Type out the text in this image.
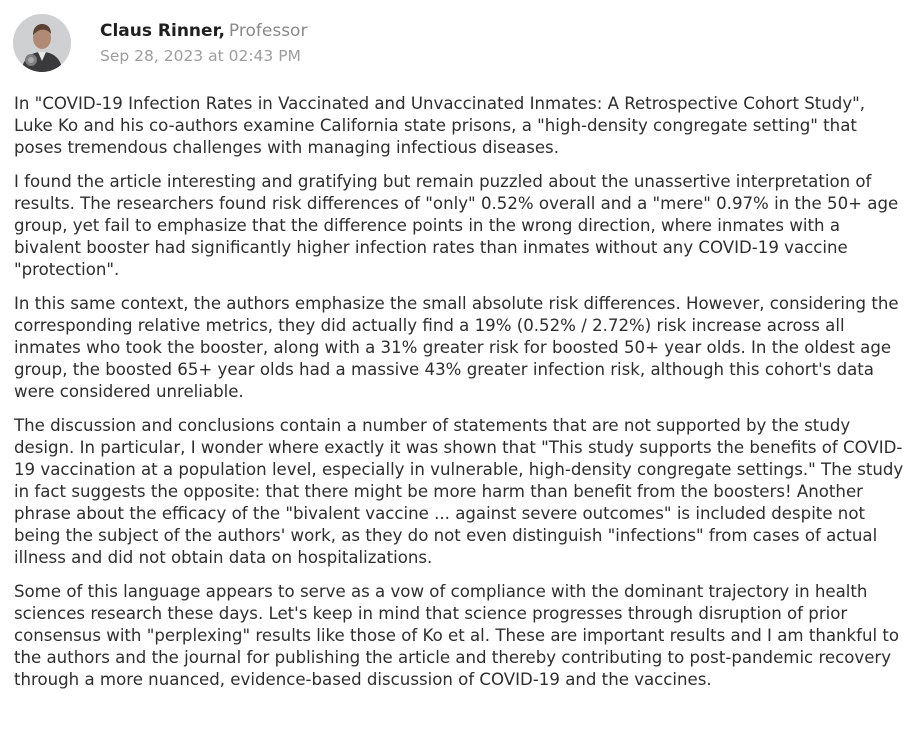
Claus Rinner, Professor
Sep 28, 2023 at 02:43 PM

In "COVID-19 Infection Rates in Vaccinated and Unvaccinated Inmates: A Retrospective Cohort Study", Luke Ko and his co-authors examine California state prisons, a "high-density congregate setting" that poses tremendous challenges with managing infectious diseases.

I found the article interesting and gratifying but remain puzzled about the unassertive interpretation of results. The researchers found risk differences of "only" 0.52% overall and a "mere" 0.97% in the 50+ age group, yet fail to emphasize that the difference points in the wrong direction, where inmates with a bivalent booster had significantly higher infection rates than inmates without any COVID-19 vaccine "protection".

In this same context, the authors emphasize the small absolute risk differences. However, considering the corresponding relative metrics, they did actually find a 19% (0.52% / 2.72%) risk increase across all inmates who took the booster, along with a 31% greater risk for boosted 50+ year olds. In the oldest age group, the boosted 65+ year olds had a massive 43% greater infection risk, although this cohort's data were considered unreliable.

The discussion and conclusions contain a number of statements that are not supported by the study design. In particular, I wonder where exactly it was shown that "This study supports the benefits of COVID-19 vaccination at a population level, especially in vulnerable, high-density congregate settings." The study in fact suggests the opposite: that there might be more harm than benefit from the boosters! Another phrase about the efficacy of the "bivalent vaccine ... against severe outcomes" is included despite not being the subject of the authors' work, as they do not even distinguish "infections" from cases of actual illness and did not obtain data on hospitalizations.

Some of this language appears to serve as a vow of compliance with the dominant trajectory in health sciences research these days. Let's keep in mind that science progresses through disruption of prior consensus with "perplexing" results like those of Ko et al. These are important results and I am thankful to the authors and the journal for publishing the article and thereby contributing to post-pandemic recovery through a more nuanced, evidence-based discussion of COVID-19 and the vaccines.
